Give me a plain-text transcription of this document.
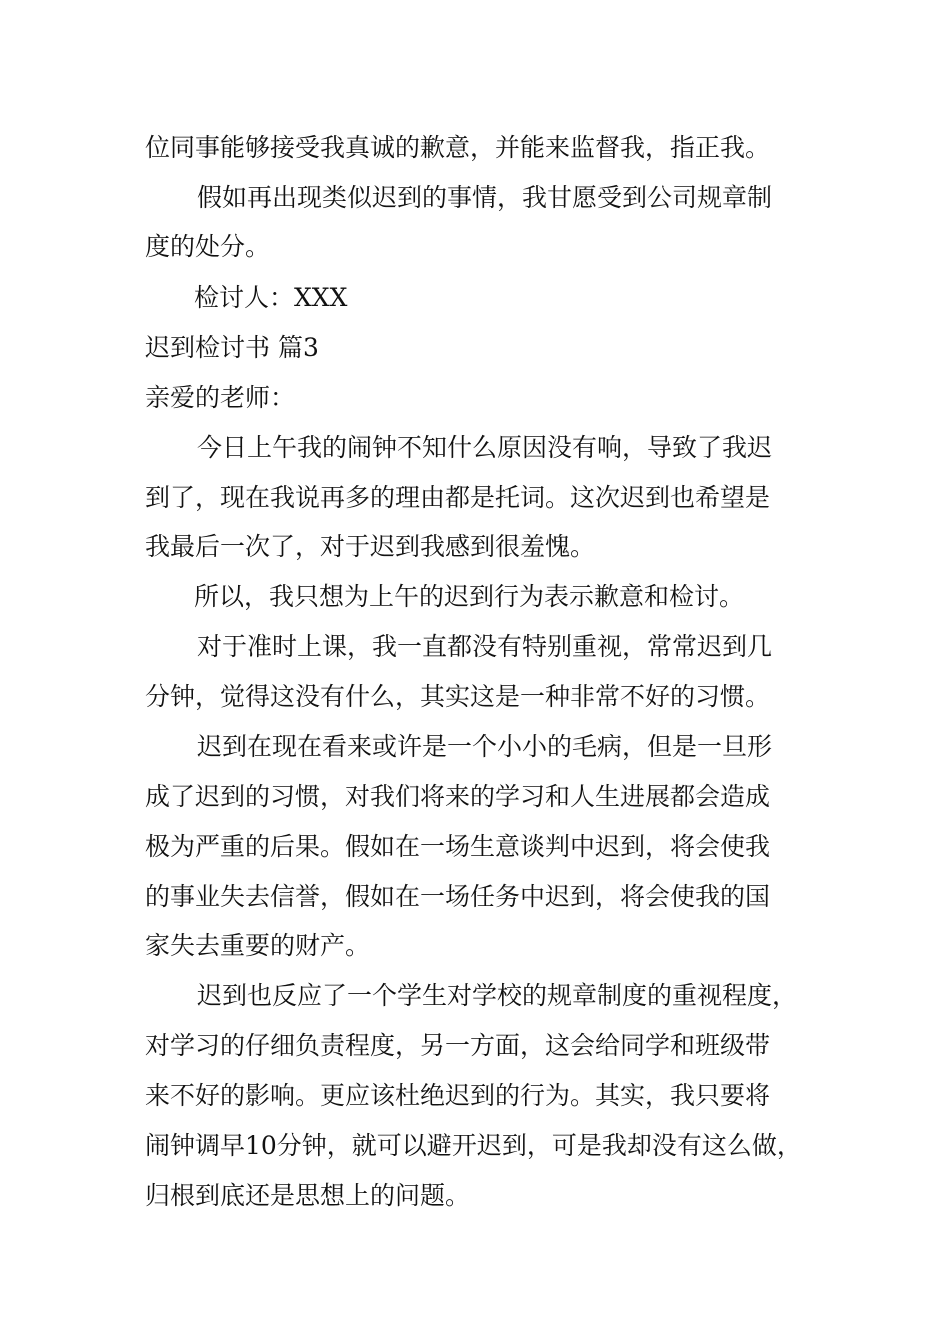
位同事能够接受我真诚的歉意，并能来监督我，指正我。

假如再出现类似迟到的事情，我甘愿受到公司规章制

度的处分。

检讨人：XXX

迟到检讨书 篇3

亲爱的老师：

今日上午我的闹钟不知什么原因没有响，导致了我迟

到了，现在我说再多的理由都是托词。这次迟到也希望是

我最后一次了，对于迟到我感到很羞愧。

所以，我只想为上午的迟到行为表示歉意和检讨。

对于准时上课，我一直都没有特别重视，常常迟到几

分钟，觉得这没有什么，其实这是一种非常不好的习惯。

迟到在现在看来或许是一个小小的毛病，但是一旦形

成了迟到的习惯，对我们将来的学习和人生进展都会造成

极为严重的后果。假如在一场生意谈判中迟到，将会使我

的事业失去信誉，假如在一场任务中迟到，将会使我的国

家失去重要的财产。

迟到也反应了一个学生对学校的规章制度的重视程度，

对学习的仔细负责程度，另一方面，这会给同学和班级带

来不好的影响。更应该杜绝迟到的行为。其实，我只要将

闹钟调早10分钟，就可以避开迟到，可是我却没有这么做，

归根到底还是思想上的问题。
